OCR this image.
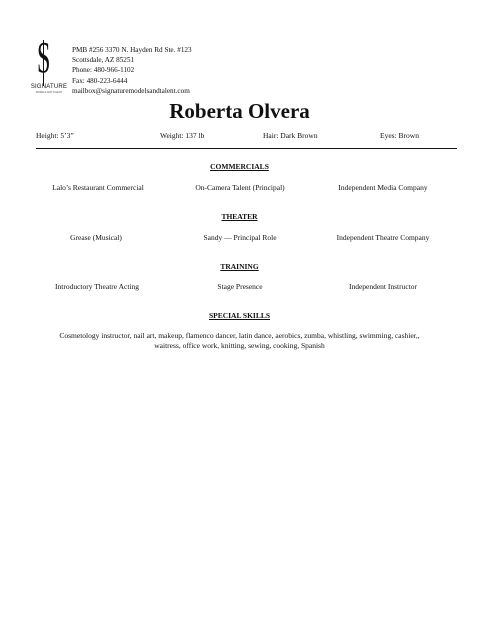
S
SIGNATURE
MODELS AND TALENT
PMB #256 3370 N. Hayden Rd Ste. #123
Scottsdale, AZ 85251
Phone: 480-966-1102
Fax: 480-223-6444
mailbox@signaturemodelsandtalent.com
Roberta Olvera
Height: 5’3”	Weight: 137 lb	Hair: Dark Brown	Eyes: Brown
COMMERCIALS
Lalo’s Restaurant Commercial	On-Camera Talent (Principal)	Independent Media Company
THEATER
Grease (Musical)	Sandy — Principal Role	Independent Theatre Company
TRAINING
Introductory Theatre Acting	Stage Presence	Independent Instructor
SPECIAL SKILLS
Cosmetology instructor, nail art, makeup, flamenco dancer, latin dance, aerobics, zumba, whistling, swimming, cashier,,
waitress, office work, knitting, sewing, cooking, Spanish
